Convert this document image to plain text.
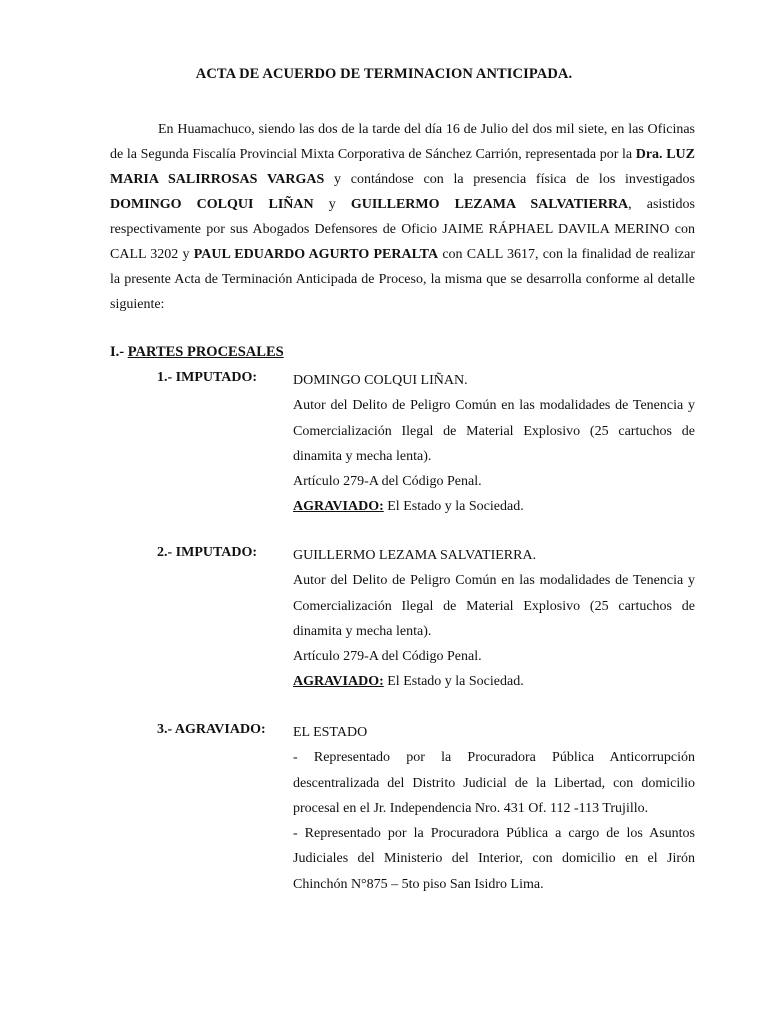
ACTA DE ACUERDO DE TERMINACION ANTICIPADA.
En Huamachuco, siendo las dos de la tarde del día 16 de Julio del dos mil siete, en las Oficinas de la Segunda Fiscalía Provincial Mixta Corporativa de Sánchez Carrión, representada por la Dra. LUZ MARIA SALIRROSAS VARGAS y contándose con la presencia física de los investigados DOMINGO COLQUI LIÑAN y GUILLERMO LEZAMA SALVATIERRA, asistidos respectivamente por sus Abogados Defensores de Oficio JAIME RÁPHAEL DAVILA MERINO con CALL 3202 y PAUL EDUARDO AGURTO PERALTA con CALL 3617, con la finalidad de realizar la presente Acta de Terminación Anticipada de Proceso, la misma que se desarrolla conforme al detalle siguiente:
I.- PARTES PROCESALES
1.- IMPUTADO:	DOMINGO COLQUI LIÑAN.
Autor del Delito de Peligro Común en las modalidades de Tenencia y Comercialización Ilegal de Material Explosivo (25 cartuchos de dinamita y mecha lenta).
Artículo 279-A del Código Penal.
AGRAVIADO: El Estado y la Sociedad.
2.- IMPUTADO:	GUILLERMO LEZAMA SALVATIERRA.
Autor del Delito de Peligro Común en las modalidades de Tenencia y Comercialización Ilegal de Material Explosivo (25 cartuchos de dinamita y mecha lenta).
Artículo 279-A del Código Penal.
AGRAVIADO: El Estado y la Sociedad.
3.- AGRAVIADO: EL ESTADO
- Representado por la Procuradora Pública Anticorrupción descentralizada del Distrito Judicial de la Libertad, con domicilio procesal en el Jr. Independencia Nro. 431 Of. 112 -113 Trujillo.
- Representado por la Procuradora Pública a cargo de los Asuntos Judiciales del Ministerio del Interior, con domicilio en el Jirón Chinchón N°875 – 5to piso San Isidro Lima.
